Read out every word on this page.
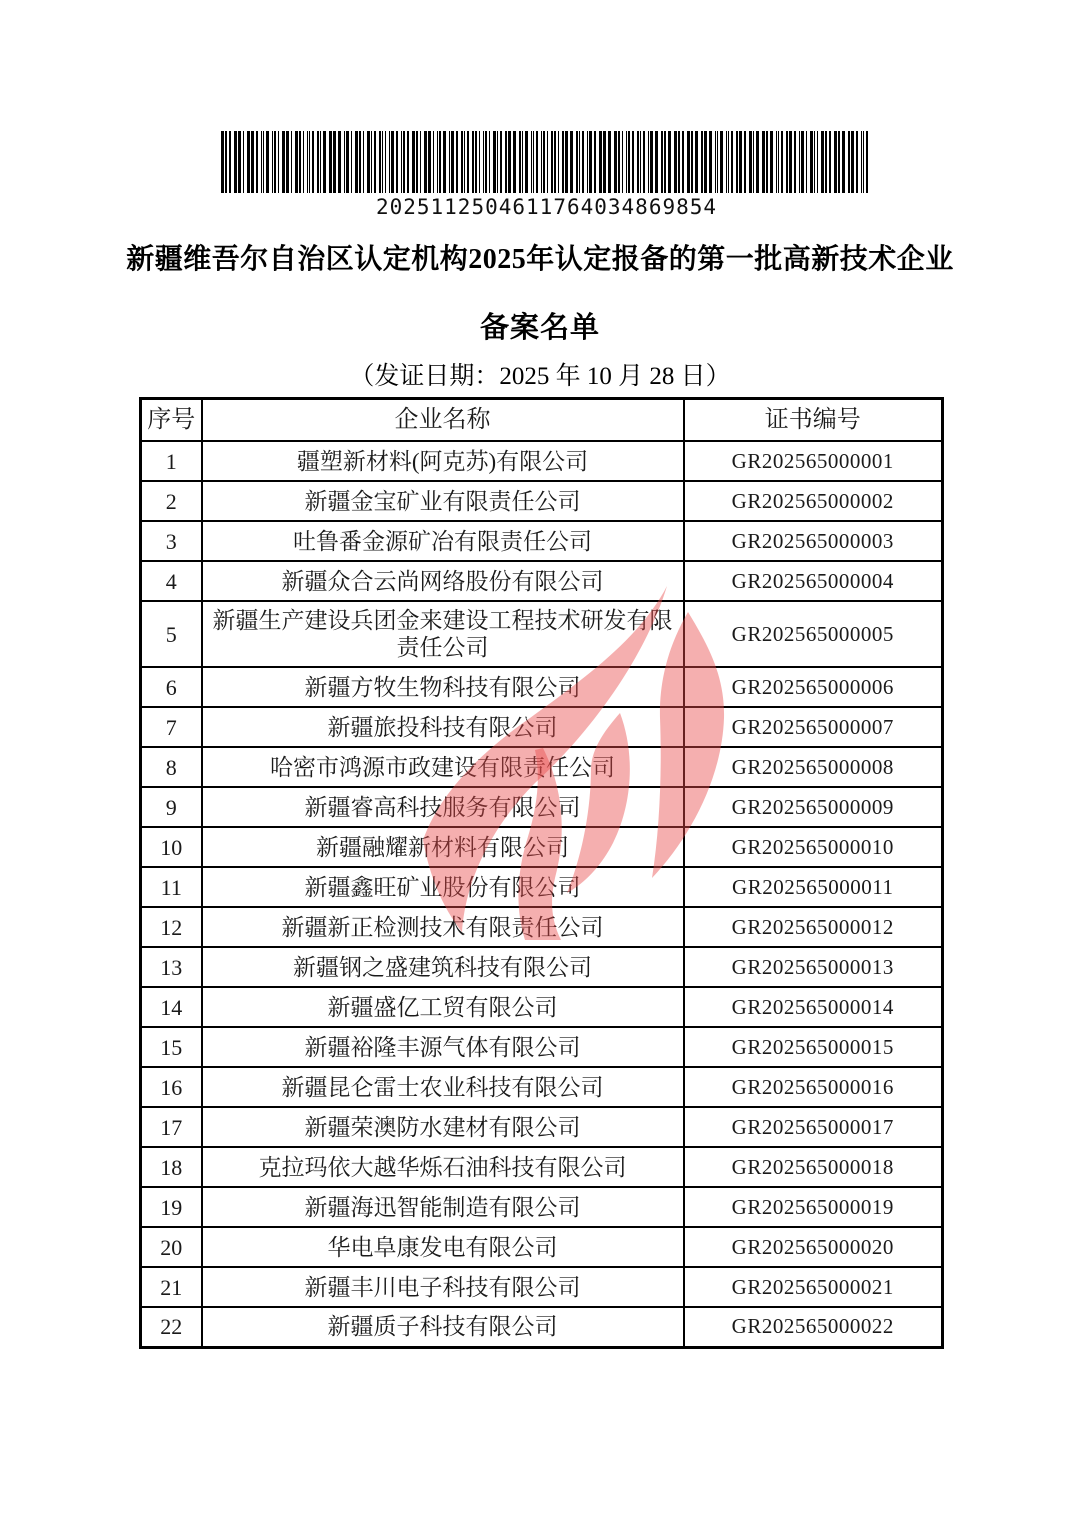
2025112504611764034869854
新疆维吾尔自治区认定机构2025年认定报备的第一批高新技术企业
备案名单
（发证日期：2025 年 10 月 28 日）
序号	企业名称	证书编号
1	疆塑新材料(阿克苏)有限公司	GR202565000001
2	新疆金宝矿业有限责任公司	GR202565000002
3	吐鲁番金源矿冶有限责任公司	GR202565000003
4	新疆众合云尚网络股份有限公司	GR202565000004
5	新疆生产建设兵团金来建设工程技术研发有限责任公司	GR202565000005
6	新疆方牧生物科技有限公司	GR202565000006
7	新疆旅投科技有限公司	GR202565000007
8	哈密市鸿源市政建设有限责任公司	GR202565000008
9	新疆睿高科技服务有限公司	GR202565000009
10	新疆融耀新材料有限公司	GR202565000010
11	新疆鑫旺矿业股份有限公司	GR202565000011
12	新疆新正检测技术有限责任公司	GR202565000012
13	新疆钢之盛建筑科技有限公司	GR202565000013
14	新疆盛亿工贸有限公司	GR202565000014
15	新疆裕隆丰源气体有限公司	GR202565000015
16	新疆昆仑雷士农业科技有限公司	GR202565000016
17	新疆荣澳防水建材有限公司	GR202565000017
18	克拉玛依大越华烁石油科技有限公司	GR202565000018
19	新疆海迅智能制造有限公司	GR202565000019
20	华电阜康发电有限公司	GR202565000020
21	新疆丰川电子科技有限公司	GR202565000021
22	新疆质子科技有限公司	GR202565000022
